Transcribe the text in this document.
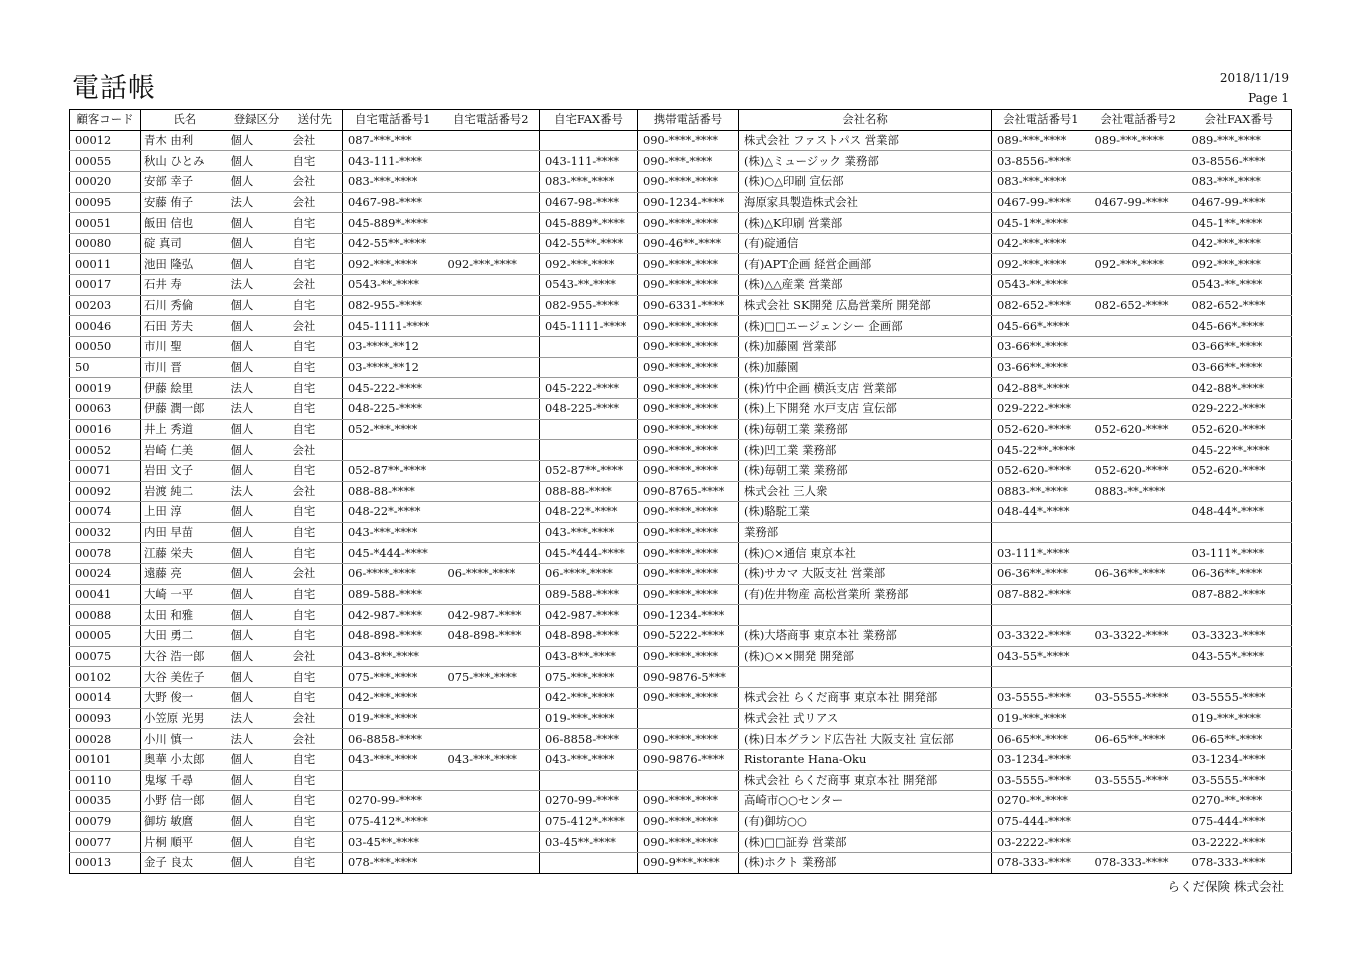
電話帳	2018/11/19
Page 1
顧客コード	氏名	登録区分	送付先	自宅電話番号1	自宅電話番号2	自宅FAX番号	携帯電話番号	会社名称	会社電話番号1	会社電話番号2	会社FAX番号
00012	青木 由利	個人	会社	087-***-***			090-****-****	株式会社 ファストパス 営業部	089-***-****	089-***-****	089-***-****
00055	秋山 ひとみ	個人	自宅	043-111-****		043-111-****	090-***-****	(株)△ミュージック 業務部	03-8556-****		03-8556-****
00020	安部 幸子	個人	会社	083-***-****		083-***-****	090-****-****	(株)○△印刷 宣伝部	083-***-****		083-***-****
00095	安藤 侑子	法人	会社	0467-98-****		0467-98-****	090-1234-****	海原家具製造株式会社	0467-99-****	0467-99-****	0467-99-****
00051	飯田 信也	個人	自宅	045-889*-****		045-889*-****	090-****-****	(株)△K印刷 営業部	045-1**-****		045-1**-****
00080	碇 真司	個人	自宅	042-55**-****		042-55**-****	090-46**-****	(有)碇通信	042-***-****		042-***-****
00011	池田 隆弘	個人	自宅	092-***-****	092-***-****	092-***-****	090-****-****	(有)APT企画 経営企画部	092-***-****	092-***-****	092-***-****
00017	石井 寿	法人	会社	0543-**-****		0543-**-****	090-****-****	(株)△△産業 営業部	0543-**-****		0543-**-****
00203	石川 秀倫	個人	自宅	082-955-****		082-955-****	090-6331-****	株式会社 SK開発 広島営業所 開発部	082-652-****	082-652-****	082-652-****
00046	石田 芳夫	個人	会社	045-1111-****		045-1111-****	090-****-****	(株)□□エージェンシー 企画部	045-66*-****		045-66*-****
00050	市川 聖	個人	自宅	03-****-**12			090-****-****	(株)加藤園 営業部	03-66**-****		03-66**-****
50	市川 晋	個人	自宅	03-****-**12			090-****-****	(株)加藤園	03-66**-****		03-66**-****
00019	伊藤 絵里	法人	自宅	045-222-****		045-222-****	090-****-****	(株)竹中企画 横浜支店 営業部	042-88*-****		042-88*-****
00063	伊藤 潤一郎	法人	自宅	048-225-****		048-225-****	090-****-****	(株)上下開発 水戸支店 宣伝部	029-222-****		029-222-****
00016	井上 秀道	個人	自宅	052-***-****			090-****-****	(株)毎朝工業 業務部	052-620-****	052-620-****	052-620-****
00052	岩崎 仁美	個人	会社				090-****-****	(株)凹工業 業務部	045-22**-****		045-22**-****
00071	岩田 文子	個人	自宅	052-87**-****		052-87**-****	090-****-****	(株)毎朝工業 業務部	052-620-****	052-620-****	052-620-****
00092	岩渡 純二	法人	会社	088-88-****		088-88-****	090-8765-****	株式会社 三人衆	0883-**-****	0883-**-****	
00074	上田 淳	個人	自宅	048-22*-****		048-22*-****	090-****-****	(株)駱駝工業	048-44*-****		048-44*-****
00032	内田 早苗	個人	自宅	043-***-****		043-***-****	090-****-****	業務部			
00078	江藤 栄夫	個人	自宅	045-*444-****		045-*444-****	090-****-****	(株)○×通信 東京本社	03-111*-****		03-111*-****
00024	遠藤 亮	個人	会社	06-****-****	06-****-****	06-****-****	090-****-****	(株)サカマ 大阪支社 営業部	06-36**-****	06-36**-****	06-36**-****
00041	大崎 一平	個人	自宅	089-588-****		089-588-****	090-****-****	(有)佐井物産 高松営業所 業務部	087-882-****		087-882-****
00088	太田 和雅	個人	自宅	042-987-****	042-987-****	042-987-****	090-1234-****				
00005	大田 勇二	個人	自宅	048-898-****	048-898-****	048-898-****	090-5222-****	(株)大塔商事 東京本社 業務部	03-3322-****	03-3322-****	03-3323-****
00075	大谷 浩一郎	個人	会社	043-8**-****		043-8**-****	090-****-****	(株)○××開発 開発部	043-55*-****		043-55*-****
00102	大谷 美佐子	個人	自宅	075-***-****	075-***-****	075-***-****	090-9876-5***				
00014	大野 俊一	個人	自宅	042-***-****		042-***-****	090-****-****	株式会社 らくだ商事 東京本社 開発部	03-5555-****	03-5555-****	03-5555-****
00093	小笠原 光男	法人	会社	019-***-****		019-***-****		株式会社 式リアス	019-***-****		019-***-****
00028	小川 慎一	法人	会社	06-8858-****		06-8858-****	090-****-****	(株)日本グランド広告社 大阪支社 宣伝部	06-65**-****	06-65**-****	06-65**-****
00101	奥華 小太郎	個人	自宅	043-***-****	043-***-****	043-***-****	090-9876-****	Ristorante Hana-Oku	03-1234-****		03-1234-****
00110	鬼塚 千尋	個人	自宅					株式会社 らくだ商事 東京本社 開発部	03-5555-****	03-5555-****	03-5555-****
00035	小野 信一郎	個人	自宅	0270-99-****		0270-99-****	090-****-****	高崎市○○センター	0270-**-****		0270-**-****
00079	御坊 敏麿	個人	自宅	075-412*-****		075-412*-****	090-****-****	(有)御坊○○	075-444-****		075-444-****
00077	片桐 順平	個人	自宅	03-45**-****		03-45**-****	090-****-****	(株)□□証券 営業部	03-2222-****		03-2222-****
00013	金子 良太	個人	自宅	078-***-****			090-9***-****	(株)ホクト 業務部	078-333-****	078-333-****	078-333-****
らくだ保険 株式会社
